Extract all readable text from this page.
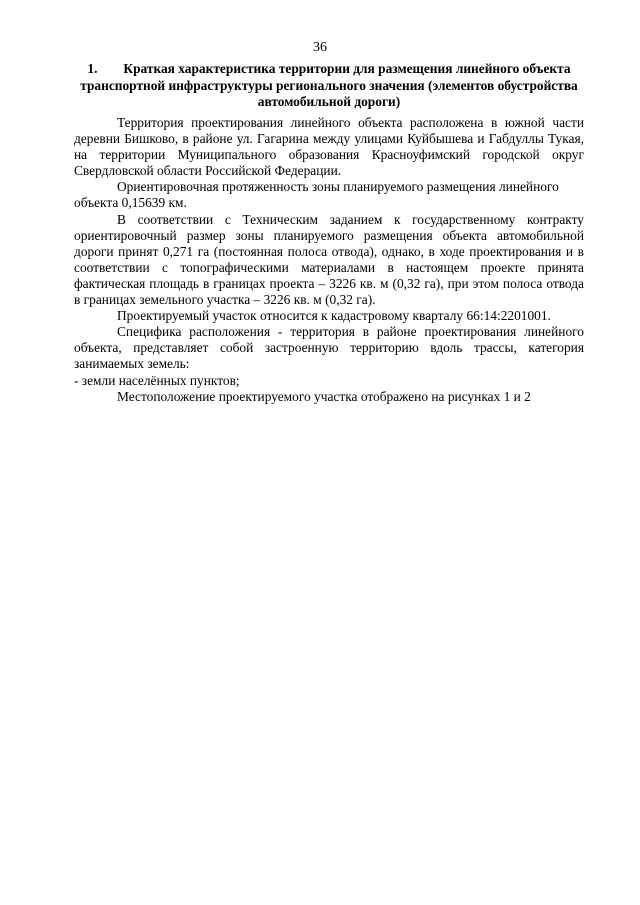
36
1. Краткая характеристика территории для размещения линейного объекта транспортной инфраструктуры регионального значения (элементов обустройства автомобильной дороги)

Территория проектирования линейного объекта расположена в южной части деревни Бишково, в районе ул. Гагарина между улицами Куйбышева и Габдуллы Тукая, на территории Муниципального образования Красноуфимский городской округ Свердловской области Российской Федерации.

Ориентировочная протяженность зоны планируемого размещения линейного объекта 0,15639 км.

В соответствии с Техническим заданием к государственному контракту ориентировочный размер зоны планируемого размещения объекта автомобильной дороги принят 0,271 га (постоянная полоса отвода), однако, в ходе проектирования и в соответствии с топографическими материалами в настоящем проекте принята фактическая площадь в границах проекта – 3226 кв. м (0,32 га), при этом полоса отвода в границах земельного участка – 3226 кв. м (0,32 га).

Проектируемый участок относится к кадастровому кварталу 66:14:2201001.

Специфика расположения - территория в районе проектирования линейного объекта, представляет собой застроенную территорию вдоль трассы, категория занимаемых земель:

- земли населённых пунктов;

Местоположение проектируемого участка отображено на рисунках 1 и 2
